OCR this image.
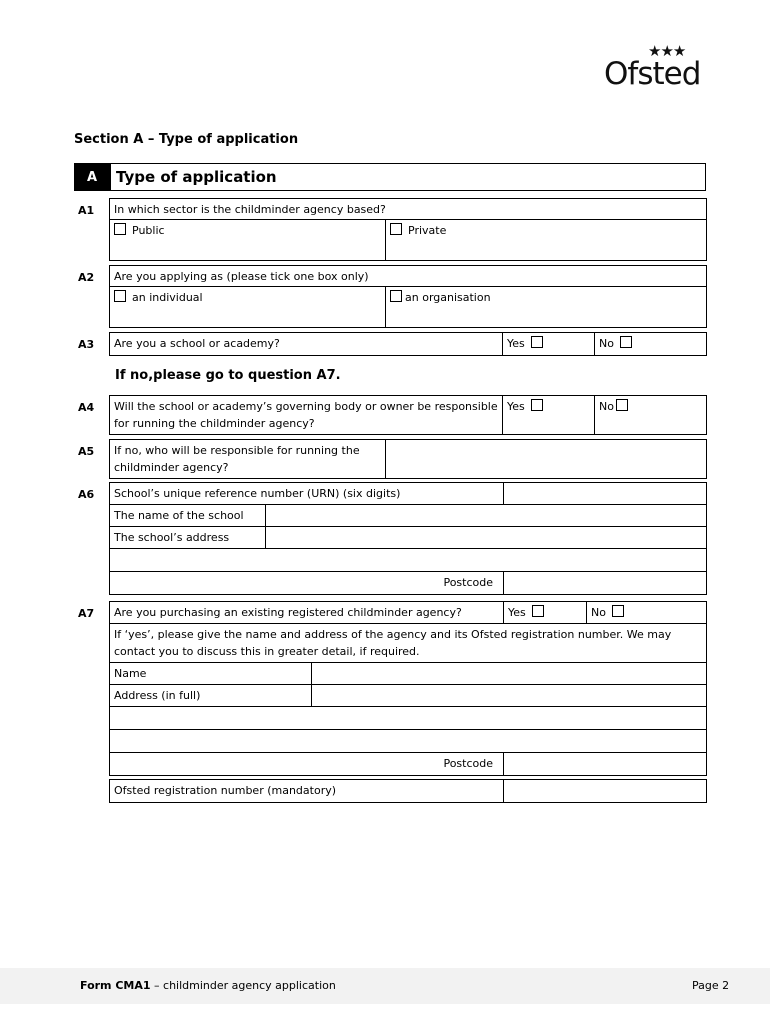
★★★
Ofsted
Section A – Type of application
A	Type of application
A1	In which sector is the childminder agency based?
Public	Private
A2	Are you applying as (please tick one box only)
an individual	an organisation
A3	Are you a school or academy?	Yes	No
If no,please go to question A7.
A4	Will the school or academy’s governing body or owner be responsible for running the childminder agency?
Yes	No
A5	If no, who will be responsible for running the childminder agency?
A6	School’s unique reference number (URN) (six digits)
The name of the school
The school’s address
Postcode
A7	Are you purchasing an existing registered childminder agency?	Yes	No
If ‘yes’, please give the name and address of the agency and its Ofsted registration number. We may contact you to discuss this in greater detail, if required.
Name
Address (in full)
Postcode
Ofsted registration number (mandatory)
Form CMA1 – childminder agency application	Page 2
